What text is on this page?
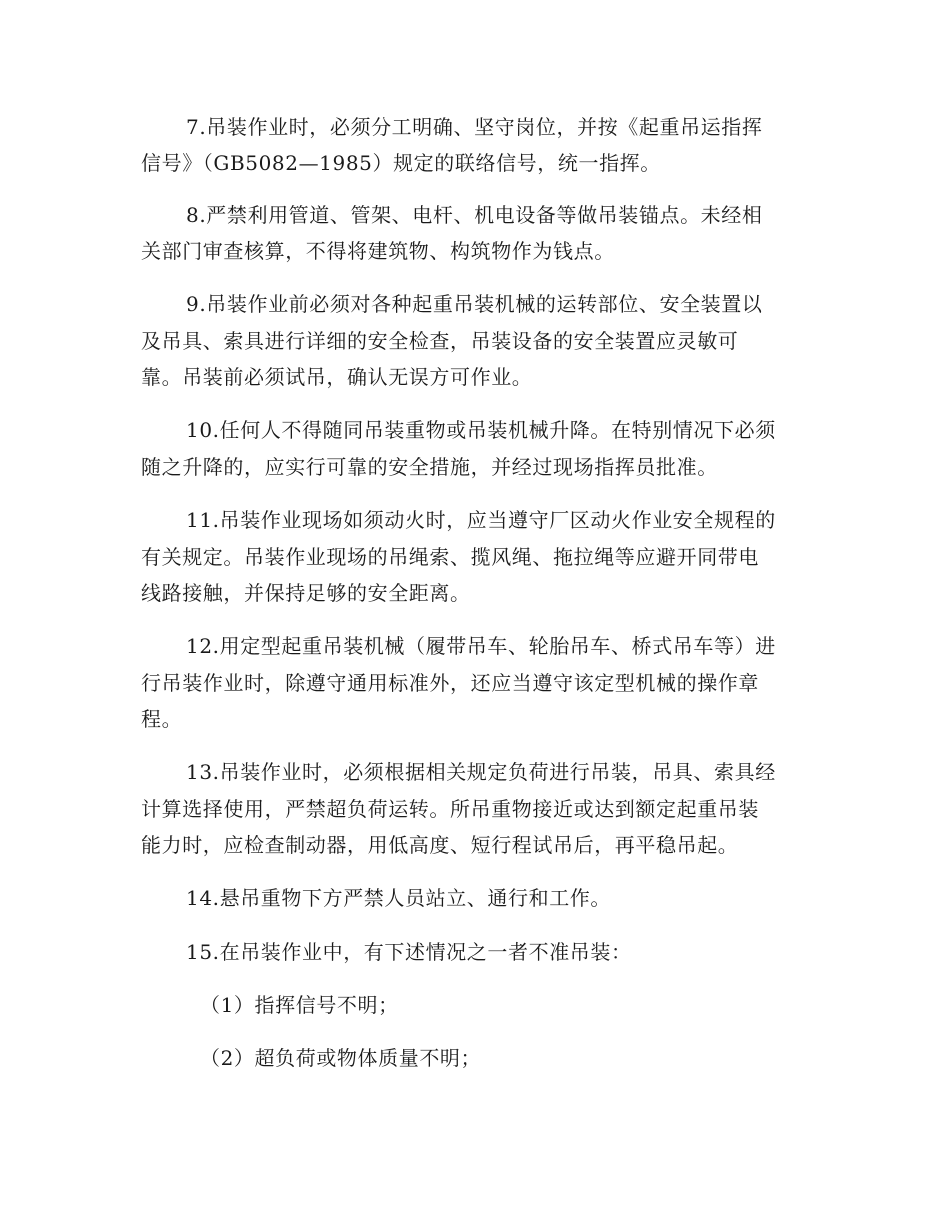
7.吊装作业时，必须分工明确、坚守岗位，并按《起重吊运指挥
信号》（GB5082—1985）规定的联络信号，统一指挥。
8.严禁利用管道、管架、电杆、机电设备等做吊装锚点。未经相
关部门审查核算，不得将建筑物、构筑物作为钱点。
9.吊装作业前必须对各种起重吊装机械的运转部位、安全装置以
及吊具、索具进行详细的安全检查，吊装设备的安全装置应灵敏可
靠。吊装前必须试吊，确认无误方可作业。
10.任何人不得随同吊装重物或吊装机械升降。在特别情况下必须
随之升降的，应实行可靠的安全措施，并经过现场指挥员批准。
11.吊装作业现场如须动火时，应当遵守厂区动火作业安全规程的
有关规定。吊装作业现场的吊绳索、揽风绳、拖拉绳等应避开同带电
线路接触，并保持足够的安全距离。
12.用定型起重吊装机械（履带吊车、轮胎吊车、桥式吊车等）进
行吊装作业时，除遵守通用标准外，还应当遵守该定型机械的操作章
程。
13.吊装作业时，必须根据相关规定负荷进行吊装，吊具、索具经
计算选择使用，严禁超负荷运转。所吊重物接近或达到额定起重吊装
能力时，应检查制动器，用低高度、短行程试吊后，再平稳吊起。
14.悬吊重物下方严禁人员站立、通行和工作。
15.在吊装作业中，有下述情况之一者不准吊装：
（1）指挥信号不明；
（2）超负荷或物体质量不明；
